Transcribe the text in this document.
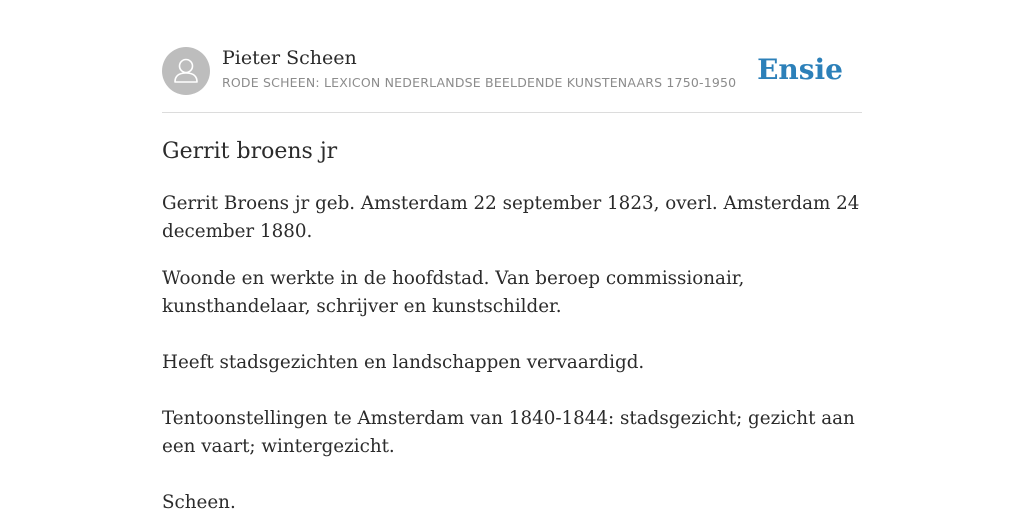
Pieter Scheen
RODE SCHEEN: LEXICON NEDERLANDSE BEELDENDE KUNSTENAARS 1750-1950 Ensie
Gerrit broens jr

Gerrit Broens jr geb. Amsterdam 22 september 1823, overl. Amsterdam 24 december 1880.

Woonde en werkte in de hoofdstad. Van beroep commissionair, kunsthandelaar, schrijver en kunstschilder.

Heeft stadsgezichten en landschappen vervaardigd.

Tentoonstellingen te Amsterdam van 1840-1844: stadsgezicht; gezicht aan een vaart; wintergezicht.

Scheen.
